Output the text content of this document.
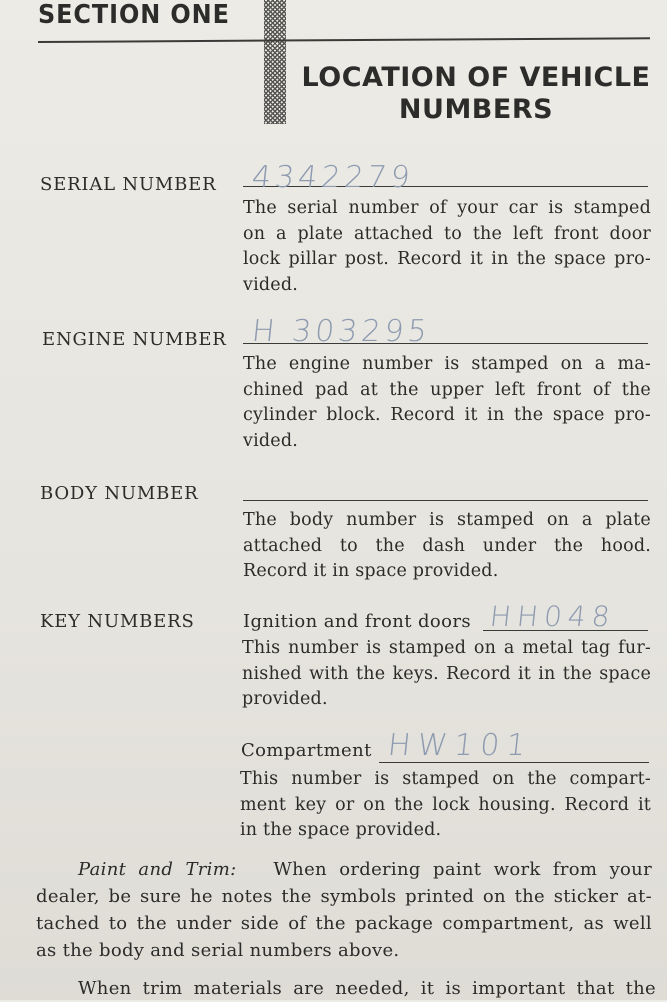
SECTION ONE
LOCATION OF VEHICLE
NUMBERS
SERIAL NUMBER 4342279
The serial number of your car is stamped
on a plate attached to the left front door
lock pillar post. Record it in the space pro-
vided.
ENGINE NUMBER H 303295
The engine number is stamped on a ma-
chined pad at the upper left front of the
cylinder block. Record it in the space pro-
vided.
BODY NUMBER
The body number is stamped on a plate
attached to the dash under the hood.
Record it in space provided.
KEY NUMBERS	Ignition and front doors HH048
This number is stamped on a metal tag fur-
nished with the keys. Record it in the space
provided.
Compartment HW101
This number is stamped on the compart-
ment key or on the lock housing. Record it
in the space provided.
Paint and Trim: When ordering paint work from your
dealer, be sure he notes the symbols printed on the sticker at-
tached to the under side of the package compartment, as well
as the body and serial numbers above.
When trim materials are needed, it is important that the
